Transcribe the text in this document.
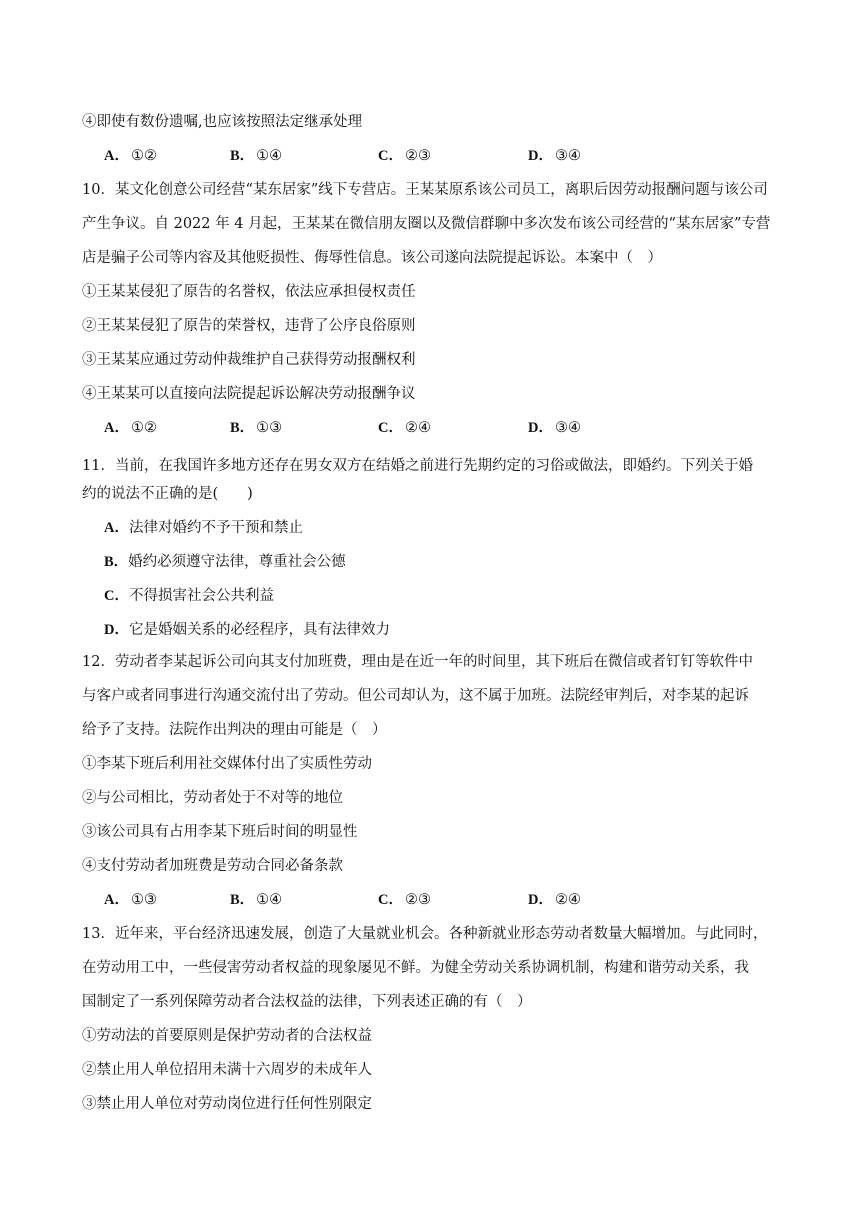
④即使有数份遗嘱,也应该按照法定继承处理
A． ①②	B． ①④	C． ②③	D． ③④
10．某文化创意公司经营“某东居家”线下专营店。王某某原系该公司员工，离职后因劳动报酬问题与该公司
产生争议。自 2022 年 4 月起，王某某在微信朋友圈以及微信群聊中多次发布该公司经营的“某东居家”专营
店是骗子公司等内容及其他贬损性、侮辱性信息。该公司遂向法院提起诉讼。本案中（　）
①王某某侵犯了原告的名誉权，依法应承担侵权责任
②王某某侵犯了原告的荣誉权，违背了公序良俗原则
③王某某应通过劳动仲裁维护自己获得劳动报酬权利
④王某某可以直接向法院提起诉讼解决劳动报酬争议
A． ①②	B． ①③	C． ②④	D． ③④
11．当前，在我国许多地方还存在男女双方在结婚之前进行先期约定的习俗或做法，即婚约。下列关于婚
约的说法不正确的是(　　)
A．法律对婚约不予干预和禁止
B．婚约必须遵守法律，尊重社会公德
C．不得损害社会公共利益
D．它是婚姻关系的必经程序，具有法律效力
12．劳动者李某起诉公司向其支付加班费，理由是在近一年的时间里，其下班后在微信或者钉钉等软件中
与客户或者同事进行沟通交流付出了劳动。但公司却认为，这不属于加班。法院经审判后，对李某的起诉
给予了支持。法院作出判决的理由可能是（　）
①李某下班后利用社交媒体付出了实质性劳动
②与公司相比，劳动者处于不对等的地位
③该公司具有占用李某下班后时间的明显性
④支付劳动者加班费是劳动合同必备条款
A． ①③	B． ①④	C． ②③	D． ②④
13．近年来，平台经济迅速发展，创造了大量就业机会。各种新就业形态劳动者数量大幅增加。与此同时，
在劳动用工中，一些侵害劳动者权益的现象屡见不鲜。为健全劳动关系协调机制，构建和谐劳动关系，我
国制定了一系列保障劳动者合法权益的法律，下列表述正确的有（　）
①劳动法的首要原则是保护劳动者的合法权益
②禁止用人单位招用未满十六周岁的未成年人
③禁止用人单位对劳动岗位进行任何性别限定
